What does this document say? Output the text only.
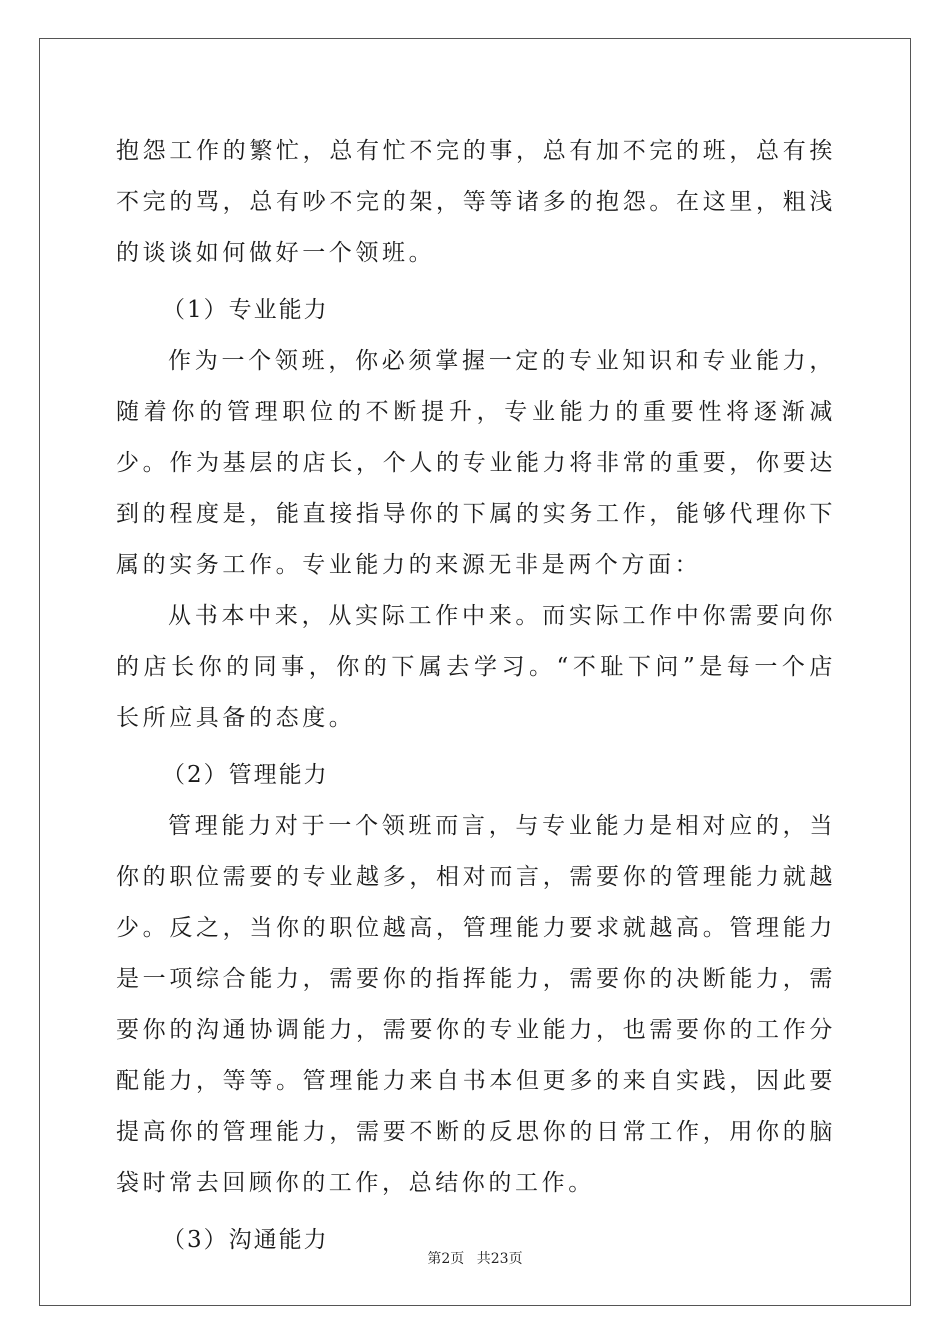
抱怨工作的繁忙，总有忙不完的事，总有加不完的班，总有挨不完的骂，总有吵不完的架，等等诸多的抱怨。在这里，粗浅的谈谈如何做好一个领班。

（1）专业能力

作为一个领班，你必须掌握一定的专业知识和专业能力，随着你的管理职位的不断提升，专业能力的重要性将逐渐减少。作为基层的店长，个人的专业能力将非常的重要，你要达到的程度是，能直接指导你的下属的实务工作，能够代理你下属的实务工作。专业能力的来源无非是两个方面：

从书本中来，从实际工作中来。而实际工作中你需要向你的店长你的同事，你的下属去学习。“不耻下问”是每一个店长所应具备的态度。

（2）管理能力

管理能力对于一个领班而言，与专业能力是相对应的，当你的职位需要的专业越多，相对而言，需要你的管理能力就越少。反之，当你的职位越高，管理能力要求就越高。管理能力是一项综合能力，需要你的指挥能力，需要你的决断能力，需要你的沟通协调能力，需要你的专业能力，也需要你的工作分配能力，等等。管理能力来自书本但更多的来自实践，因此要提高你的管理能力，需要不断的反思你的日常工作，用你的脑袋时常去回顾你的工作，总结你的工作。

（3）沟通能力

第2页 共23页
